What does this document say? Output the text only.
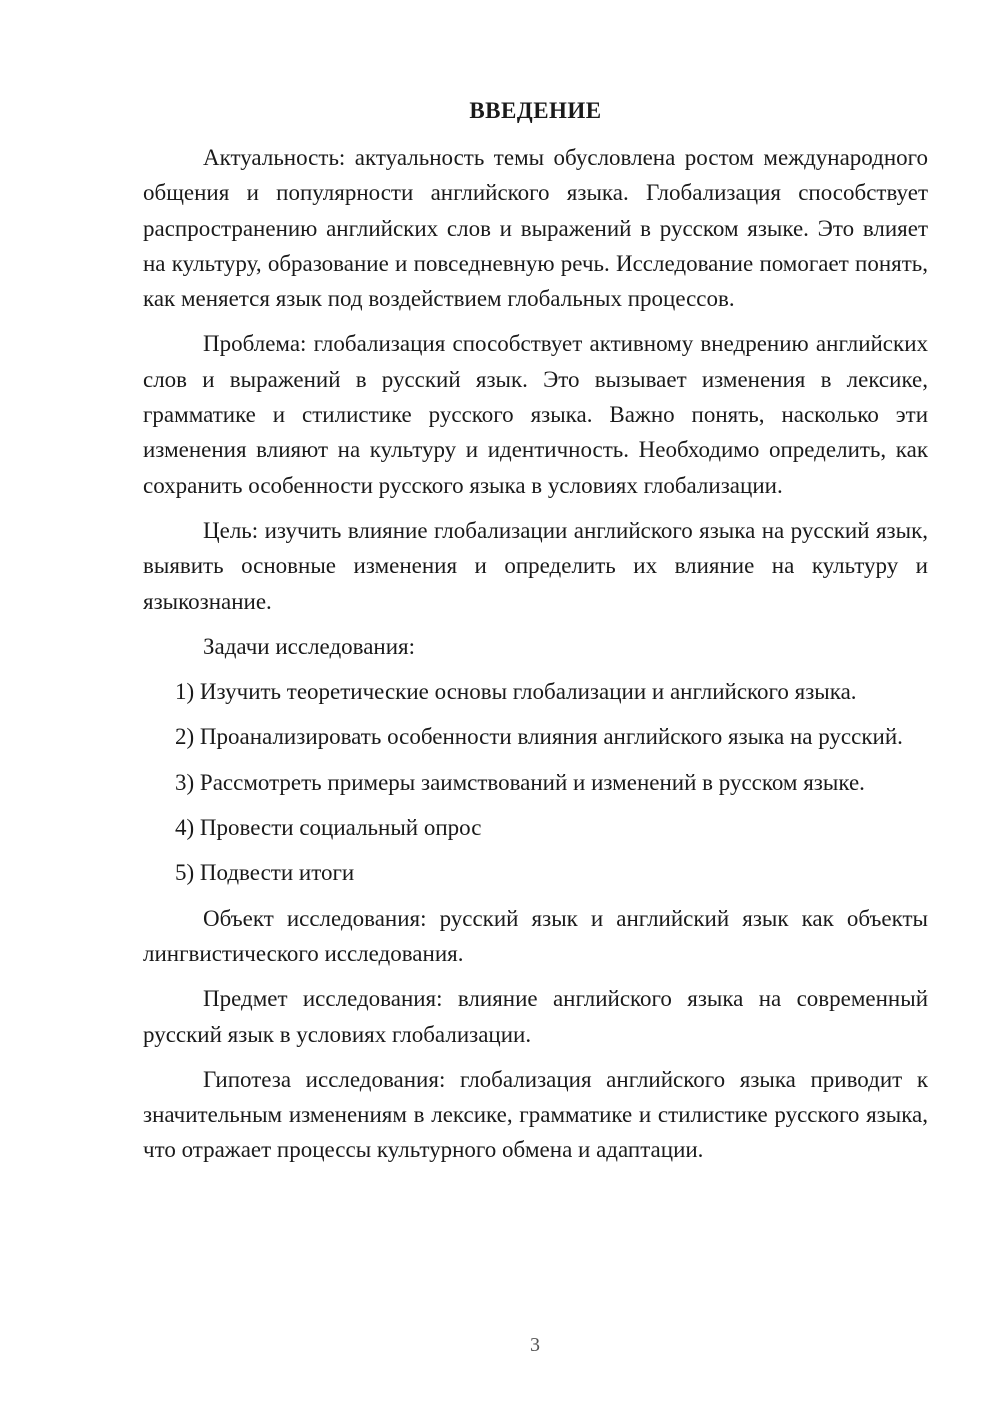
ВВЕДЕНИЕ

Актуальность: актуальность темы обусловлена ростом международного общения и популярности английского языка. Глобализация способствует распространению английских слов и выражений в русском языке. Это влияет на культуру, образование и повседневную речь. Исследование помогает понять, как меняется язык под воздействием глобальных процессов.

Проблема: глобализация способствует активному внедрению английских слов и выражений в русский язык. Это вызывает изменения в лексике, грамматике и стилистике русского языка. Важно понять, насколько эти изменения влияют на культуру и идентичность. Необходимо определить, как сохранить особенности русского языка в условиях глобализации.

Цель: изучить влияние глобализации английского языка на русский язык, выявить основные изменения и определить их влияние на культуру и языкознание.

Задачи исследования:

1) Изучить теоретические основы глобализации и английского языка.

2) Проанализировать особенности влияния английского языка на русский.

3) Рассмотреть примеры заимствований и изменений в русском языке.

4) Провести социальный опрос

5) Подвести итоги

Объект исследования: русский язык и английский язык как объекты лингвистического исследования.

Предмет исследования: влияние английского языка на современный русский язык в условиях глобализации.

Гипотеза исследования: глобализация английского языка приводит к значительным изменениям в лексике, грамматике и стилистике русского языка, что отражает процессы культурного обмена и адаптации.

3
